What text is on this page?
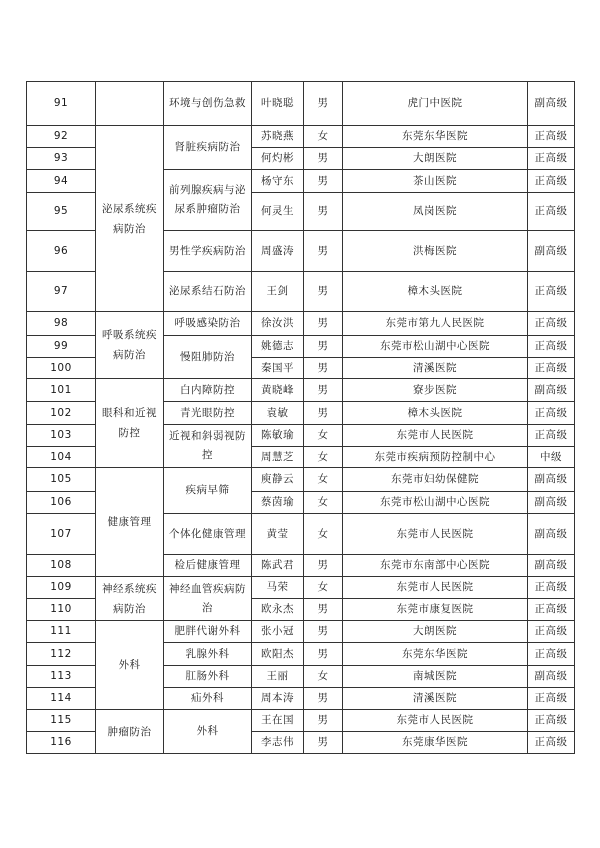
91		环境与创伤急救	叶晓聪	男	虎门中医院	副高级
92	泌尿系统疾病防治	肾脏疾病防治	苏晓燕	女	东莞东华医院	正高级
93			何灼彬	男	大朗医院	正高级
94		前列腺疾病与泌尿系肿瘤防治	杨守东	男	茶山医院	正高级
95			何灵生	男	凤岗医院	正高级
96		男性学疾病防治	周盛涛	男	洪梅医院	副高级
97		泌尿系结石防治	王剑	男	樟木头医院	正高级
98	呼吸系统疾病防治	呼吸感染防治	徐汝洪	男	东莞市第九人民医院	正高级
99		慢阻肺防治	姚德志	男	东莞市松山湖中心医院	正高级
100			秦国平	男	清溪医院	正高级
101	眼科和近视防控	白内障防控	黄晓峰	男	寮步医院	副高级
102		青光眼防控	袁敏	男	樟木头医院	正高级
103		近视和斜弱视防控	陈敏瑜	女	东莞市人民医院	正高级
104			周慧芝	女	东莞市疾病预防控制中心	中级
105	健康管理	疾病早筛	庾静云	女	东莞市妇幼保健院	副高级
106			蔡茵瑜	女	东莞市松山湖中心医院	副高级
107		个体化健康管理	黄莹	女	东莞市人民医院	副高级
108		检后健康管理	陈武君	男	东莞市东南部中心医院	副高级
109	神经系统疾病防治	神经血管疾病防治	马荣	女	东莞市人民医院	正高级
110			欧永杰	男	东莞市康复医院	正高级
111	外科	肥胖代谢外科	张小冠	男	大朗医院	正高级
112		乳腺外科	欧阳杰	男	东莞东华医院	正高级
113		肛肠外科	王丽	女	南城医院	副高级
114		疝外科	周本涛	男	清溪医院	正高级
115	肿瘤防治	外科	王在国	男	东莞市人民医院	正高级
116			李志伟	男	东莞康华医院	正高级
